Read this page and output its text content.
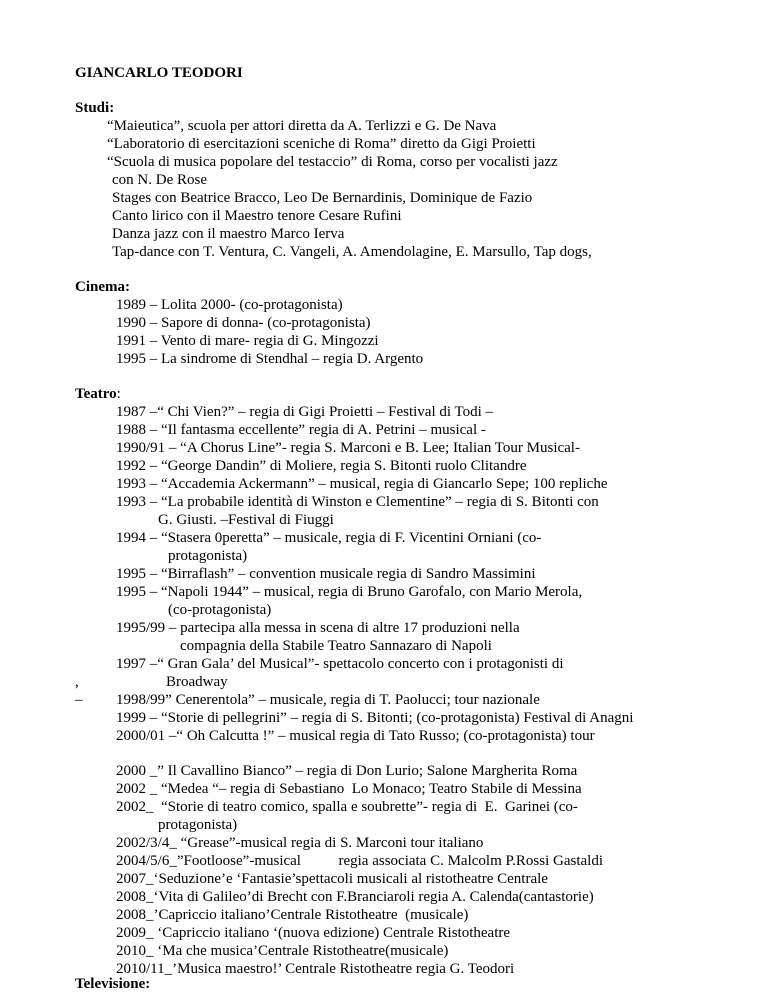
GIANCARLO TEODORI
Studi:
“Maieutica”, scuola per attori diretta da A. Terlizzi e G. De Nava
“Laboratorio di esercitazioni sceniche di Roma” diretto da Gigi Proietti
“Scuola di musica popolare del testaccio” di Roma, corso per vocalisti jazz
con N. De Rose
Stages con Beatrice Bracco, Leo De Bernardinis, Dominique de Fazio
Canto lirico con il Maestro tenore Cesare Rufini
Danza jazz con il maestro Marco Ierva
Tap-dance con T. Ventura, C. Vangeli, A. Amendolagine, E. Marsullo, Tap dogs,
Cinema:
1989 – Lolita 2000- (co-protagonista)
1990 – Sapore di donna- (co-protagonista)
1991 – Vento di mare- regia di G. Mingozzi
1995 – La sindrome di Stendhal – regia D. Argento
Teatro:
1987 –“ Chi Vien?” – regia di Gigi Proietti – Festival di Todi –
1988 – “Il fantasma eccellente” regia di A. Petrini – musical -
1990/91 – “A Chorus Line”- regia S. Marconi e B. Lee; Italian Tour Musical-
1992 – “George Dandin” di Moliere, regia S. Bitonti ruolo Clitandre
1993 – “Accademia Ackermann” – musical, regia di Giancarlo Sepe; 100 repliche
1993 – “La probabile identità di Winston e Clementine” – regia di S. Bitonti con
G. Giusti. –Festival di Fiuggi
1994 – “Stasera 0peretta” – musicale, regia di F. Vicentini Orniani (co-
protagonista)
1995 – “Birraflash” – convention musicale regia di Sandro Massimini
1995 – “Napoli 1944” – musical, regia di Bruno Garofalo, con Mario Merola,
(co-protagonista)
1995/99 – partecipa alla messa in scena di altre 17 produzioni nella
compagnia della Stabile Teatro Sannazaro di Napoli
1997 –“ Gran Gala’ del Musical”- spettacolo concerto con i protagonisti di
,	Broadway
– 1998/99” Cenerentola” – musicale, regia di T. Paolucci; tour nazionale
1999 – “Storie di pellegrini” – regia di S. Bitonti; (co-protagonista) Festival di Anagni
2000/01 –“ Oh Calcutta !” – musical regia di Tato Russo; (co-protagonista) tour
2000 _” Il Cavallino Bianco” – regia di Don Lurio; Salone Margherita Roma
2002 _ “Medea “– regia di Sebastiano  Lo Monaco; Teatro Stabile di Messina
2002_  “Storie di teatro comico, spalla e soubrette”- regia di  E.  Garinei (co-
protagonista)
2002/3/4_ “Grease”-musical regia di S. Marconi tour italiano
2004/5/6_”Footloose”-musical          regia associata C. Malcolm P.Rossi Gastaldi
2007_‘Seduzione’e ‘Fantasie’spettacoli musicali al ristotheatre Centrale
2008_‘Vita di Galileo’di Brecht con F.Branciaroli regia A. Calenda(cantastorie)
2008_’Capriccio italiano’Centrale Ristotheatre  (musicale)
2009_ ‘Capriccio italiano ‘(nuova edizione) Centrale Ristotheatre
2010_ ‘Ma che musica’Centrale Ristotheatre(musicale)
2010/11_’Musica maestro!’ Centrale Ristotheatre regia G. Teodori
Televisione:
